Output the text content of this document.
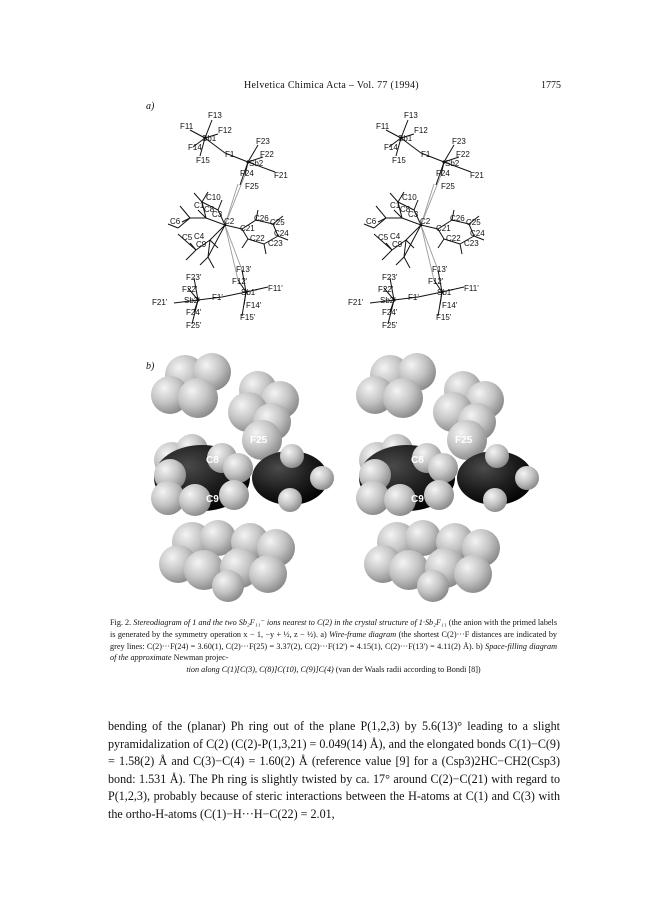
Helvetica Chimica Acta – Vol. 77 (1994)	1775
a)
b)
F11
F13
F12
Sb1
F14
F15
F1
F23
F22
Sb2
F24	F21
F25
C10
C1 C8
C3
C2
C6
C4
C5
C9
C21
C26 C25
C24
C22
C23
F13'
F12'
Sb1' F11'
F14'
F15'
F23'
F22'
F21' Sb2' F1'
F24'
F25'
F11
F13
F12
Sb1
F14
F15
F1
F23
F22
Sb2
F24	F21
F25
C10
C1 C8
C3
C2
C6
C4
C5
C9
C21
C26 C25
C24
C22
C23
F13'
F12'
Sb1' F11'
F14'
F15'
F23'
F22'
F21' Sb2' F1'
F24'
F25'
F25
C8
C9
F25
C8
C9
Fig. 2. Stereodiagram of 1 and the two Sb₂F₁₁⁻ ions nearest to C(2) in the crystal structure of 1·Sb₂F₁₁ (the anion with the primed labels is generated by the symmetry operation x − 1, −y + ½, z − ½). a) Wire-frame diagram (the shortest C(2)···F distances are indicated by grey lines: C(2)···F(24) = 3.60(1), C(2)···F(25) = 3.37(2), C(2)···F(12') = 4.15(1), C(2)···F(13') = 4.11(2) Å). b) Space-filling diagram of the approximate Newman projec-
tion along C(1)[C(3), C(8)]C(10), C(9)]C(4) (van der Waals radii according to Bondi [8])
bending of the (planar) Ph ring out of the plane P(1,2,3) by 5.6(13)° leading to a slight pyramidalization of C(2) (C(2)-P(1,3,21) = 0.049(14) Å), and the elongated bonds C(1)−C(9) = 1.58(2) Å and C(3)−C(4) = 1.60(2) Å (reference value [9] for a (Csp3)2HC−CH2(Csp3) bond: 1.531 Å). The Ph ring is slightly twisted by ca. 17° around C(2)−C(21) with regard to P(1,2,3), probably because of steric interactions between the H-atoms at C(1) and C(3) with the ortho-H-atoms (C(1)−H···H−C(22) = 2.01,
